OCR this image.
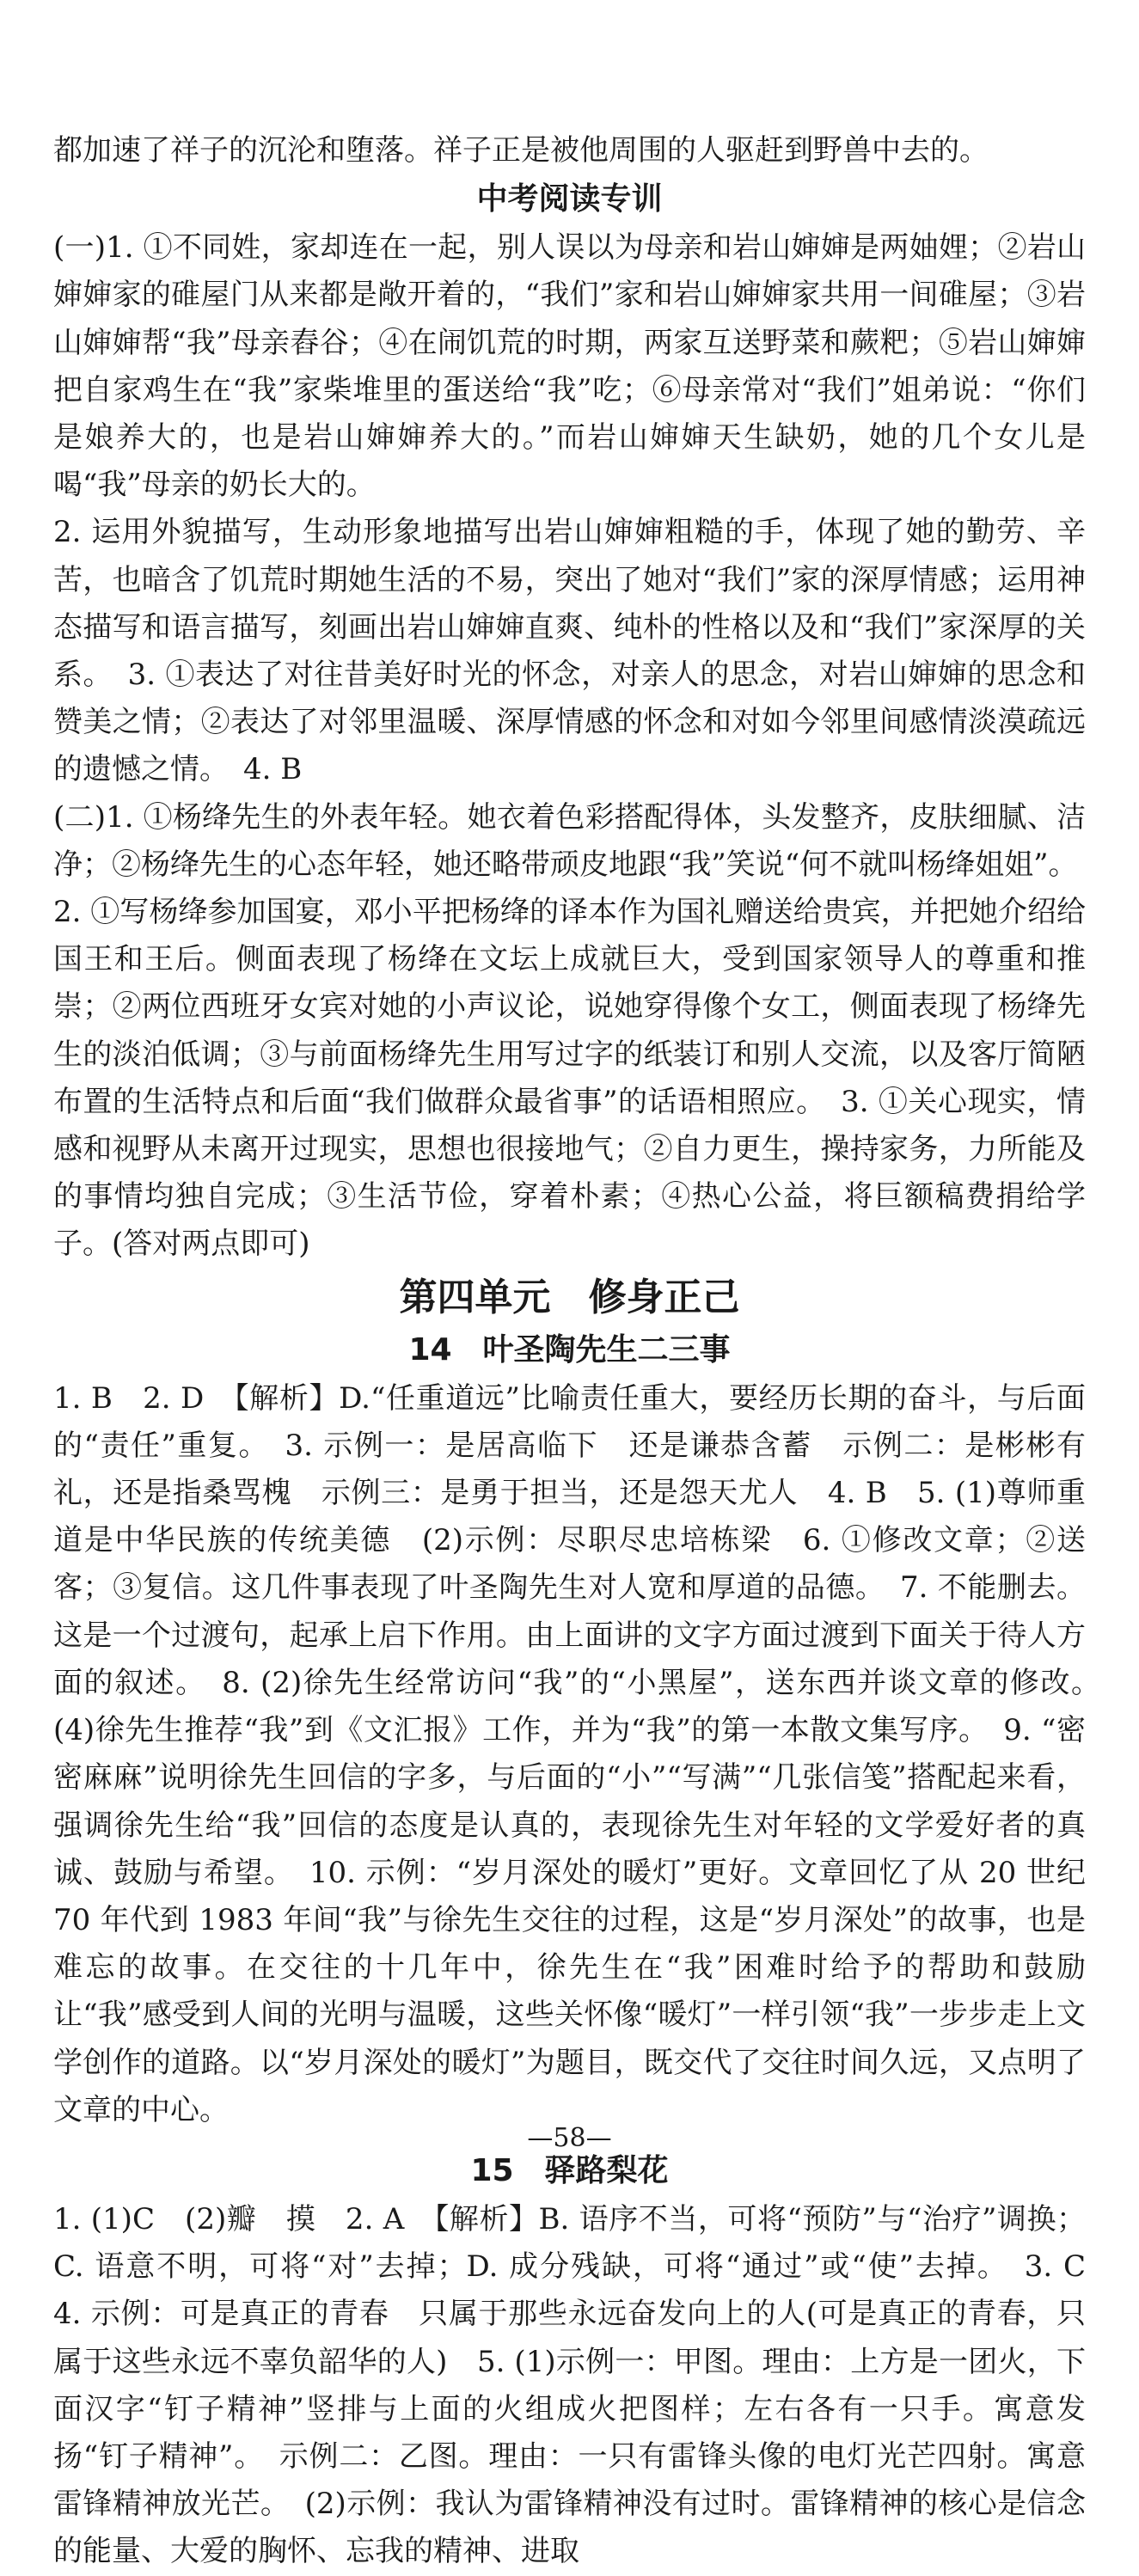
都加速了祥子的沉沦和堕落。祥子正是被他周围的人驱赶到野兽中去的。

中考阅读专训

(一)1. ①不同姓，家却连在一起，别人误以为母亲和岩山婶婶是两妯娌；②岩山婶婶家的碓屋门从来都是敞开着的，“我们”家和岩山婶婶家共用一间碓屋；③岩山婶婶帮“我”母亲舂谷；④在闹饥荒的时期，两家互送野菜和蕨粑；⑤岩山婶婶把自家鸡生在“我”家柴堆里的蛋送给“我”吃；⑥母亲常对“我们”姐弟说：“你们是娘养大的，也是岩山婶婶养大的。”而岩山婶婶天生缺奶，她的几个女儿是喝“我”母亲的奶长大的。

2. 运用外貌描写，生动形象地描写出岩山婶婶粗糙的手，体现了她的勤劳、辛苦，也暗含了饥荒时期她生活的不易，突出了她对“我们”家的深厚情感；运用神态描写和语言描写，刻画出岩山婶婶直爽、纯朴的性格以及和“我们”家深厚的关系。　3. ①表达了对往昔美好时光的怀念，对亲人的思念，对岩山婶婶的思念和赞美之情；②表达了对邻里温暖、深厚情感的怀念和对如今邻里间感情淡漠疏远的遗憾之情。　4. B

(二)1. ①杨绛先生的外表年轻。她衣着色彩搭配得体，头发整齐，皮肤细腻、洁净；②杨绛先生的心态年轻，她还略带顽皮地跟“我”笑说“何不就叫杨绛姐姐”。

2. ①写杨绛参加国宴，邓小平把杨绛的译本作为国礼赠送给贵宾，并把她介绍给国王和王后。侧面表现了杨绛在文坛上成就巨大，受到国家领导人的尊重和推崇；②两位西班牙女宾对她的小声议论，说她穿得像个女工，侧面表现了杨绛先生的淡泊低调；③与前面杨绛先生用写过字的纸装订和别人交流，以及客厅简陋布置的生活特点和后面“我们做群众最省事”的话语相照应。　3. ①关心现实，情感和视野从未离开过现实，思想也很接地气；②自力更生，操持家务，力所能及的事情均独自完成；③生活节俭，穿着朴素；④热心公益，将巨额稿费捐给学子。(答对两点即可)

第四单元　修身正己

14　叶圣陶先生二三事

1. B　2. D　【解析】D.“任重道远”比喻责任重大，要经历长期的奋斗，与后面的“责任”重复。　3. 示例一：是居高临下　还是谦恭含蓄　示例二：是彬彬有礼，还是指桑骂槐　示例三：是勇于担当，还是怨天尤人　4. B　5. (1)尊师重道是中华民族的传统美德　(2)示例：尽职尽忠培栋梁　6. ①修改文章；②送客；③复信。这几件事表现了叶圣陶先生对人宽和厚道的品德。　7. 不能删去。这是一个过渡句，起承上启下作用。由上面讲的文字方面过渡到下面关于待人方面的叙述。　8. (2)徐先生经常访问“我”的“小黑屋”，送东西并谈文章的修改。　(4)徐先生推荐“我”到《文汇报》工作，并为“我”的第一本散文集写序。　9. “密密麻麻”说明徐先生回信的字多，与后面的“小”“写满”“几张信笺”搭配起来看，强调徐先生给“我”回信的态度是认真的，表现徐先生对年轻的文学爱好者的真诚、鼓励与希望。　10. 示例：“岁月深处的暖灯”更好。文章回忆了从 20 世纪 70 年代到 1983 年间“我”与徐先生交往的过程，这是“岁月深处”的故事，也是难忘的故事。在交往的十几年中，徐先生在“我”困难时给予的帮助和鼓励让“我”感受到人间的光明与温暖，这些关怀像“暖灯”一样引领“我”一步步走上文学创作的道路。以“岁月深处的暖灯”为题目，既交代了交往时间久远，又点明了文章的中心。

15　驿路梨花

1. (1)C　(2)瓣　摸　2. A　【解析】B. 语序不当，可将“预防”与“治疗”调换；C. 语意不明，可将“对”去掉；D. 成分残缺，可将“通过”或“使”去掉。　3. C　4. 示例：可是真正的青春　只属于那些永远奋发向上的人(可是真正的青春，只属于这些永远不辜负韶华的人)　5. (1)示例一：甲图。理由：上方是一团火，下面汉字“钉子精神”竖排与上面的火组成火把图样；左右各有一只手。寓意发扬“钉子精神”。　示例二：乙图。理由：一只有雷锋头像的电灯光芒四射。寓意雷锋精神放光芒。　(2)示例：我认为雷锋精神没有过时。雷锋精神的核心是信念的能量、大爱的胸怀、忘我的精神、进取

—58—
